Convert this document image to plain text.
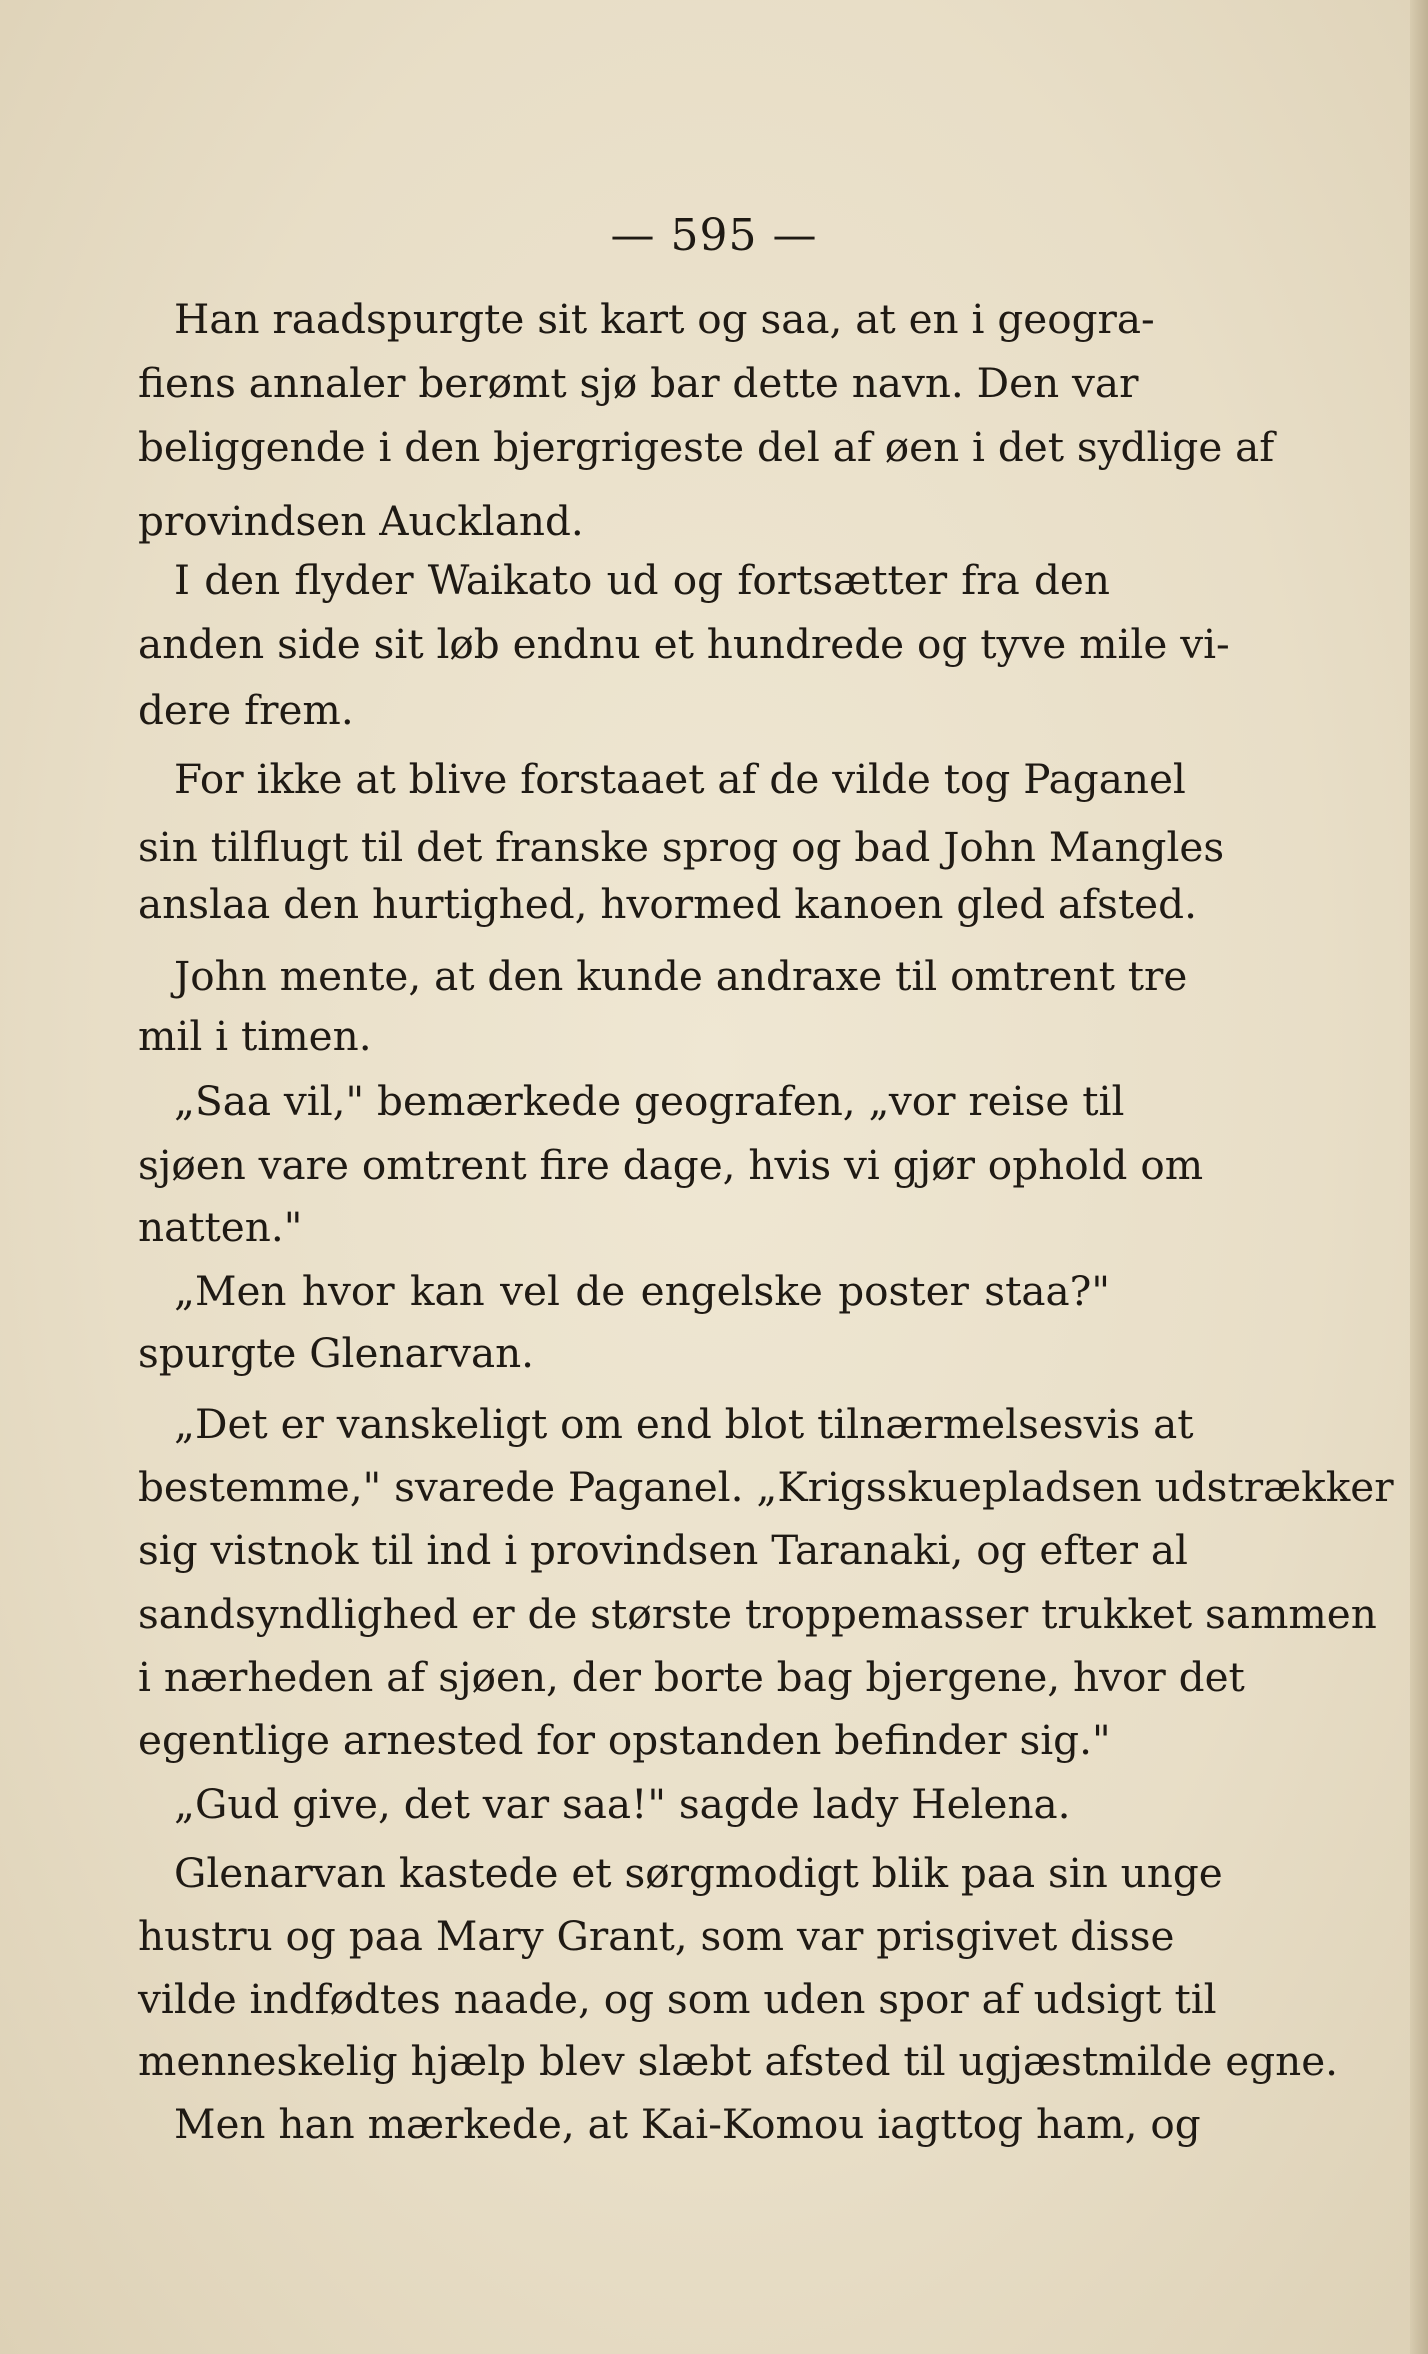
— 595 —
Han raadspurgte sit kart og saa, at en i geogra-
fiens annaler berømt sjø bar dette navn. Den var
beliggende i den bjergrigeste del af øen i det sydlige af
provindsen Auckland.
I den flyder Waikato ud og fortsætter fra den
anden side sit løb endnu et hundrede og tyve mile vi-
dere frem.
For ikke at blive forstaaet af de vilde tog Paganel
sin tilflugt til det franske sprog og bad John Mangles
anslaa den hurtighed, hvormed kanoen gled afsted.
John mente, at den kunde andraxe til omtrent tre
mil i timen.
„Saa vil," bemærkede geografen, „vor reise til
sjøen vare omtrent fire dage, hvis vi gjør ophold om
natten."
„Men hvor kan vel de engelske poster staa?"
spurgte Glenarvan.
„Det er vanskeligt om end blot tilnærmelsesvis at
bestemme," svarede Paganel. „Krigsskuepladsen udstrækker
sig vistnok til ind i provindsen Taranaki, og efter al
sandsyndlighed er de største troppemasser trukket sammen
i nærheden af sjøen, der borte bag bjergene, hvor det
egentlige arnested for opstanden befinder sig."
„Gud give, det var saa!" sagde lady Helena.
Glenarvan kastede et sørgmodigt blik paa sin unge
hustru og paa Mary Grant, som var prisgivet disse
vilde indfødtes naade, og som uden spor af udsigt til
menneskelig hjælp blev slæbt afsted til ugjæstmilde egne.
Men han mærkede, at Kai-Komou iagttog ham, og
